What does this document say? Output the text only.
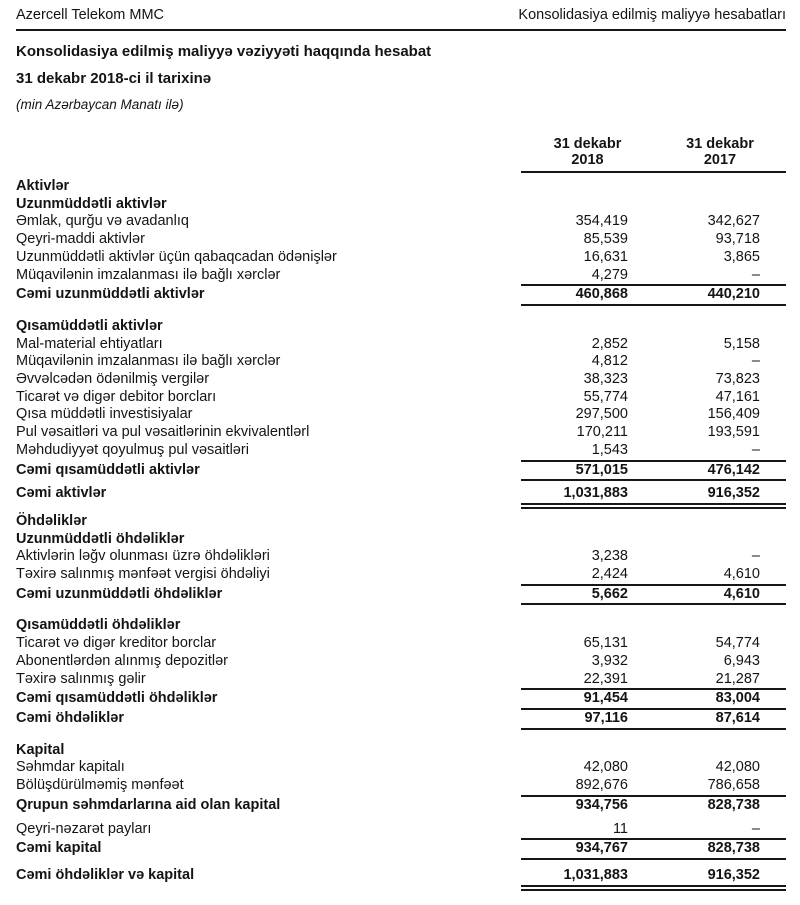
Azercell Telekom MMC	Konsolidasiya edilmiş maliyyə hesabatları
Konsolidasiya edilmiş maliyyə vəziyyəti haqqında hesabat
31 dekabr 2018-ci il tarixinə
(min Azərbaycan Manatı ilə)
31 dekabr
2018
31 dekabr
2017
Aktivlər
Uzunmüddətli aktivlər
Əmlak, qurğu və avadanlıq	354,419	342,627
Qeyri-maddi aktivlər	85,539	93,718
Uzunmüddətli aktivlər üçün qabaqcadan ödənişlər	16,631	3,865
Müqavilənin imzalanması ilə bağlı xərclər	4,279	–
Cəmi uzunmüddətli aktivlər	460,868	440,210
Qısamüddətli aktivlər
Mal-material ehtiyatları	2,852	5,158
Müqavilənin imzalanması ilə bağlı xərclər	4,812	–
Əvvəlcədən ödənilmiş vergilər	38,323	73,823
Ticarət və digər debitor borcları	55,774	47,161
Qısa müddətli investisiyalar	297,500	156,409
Pul vəsaitləri va pul vəsaitlərinin ekvivalentlərl	170,211	193,591
Məhdudiyyət qoyulmuş pul vəsaitləri	1,543	–
Cəmi qısamüddətli aktivlər	571,015	476,142
Cəmi aktivlər	1,031,883	916,352
Öhdəliklər
Uzunmüddətli öhdəliklər
Aktivlərin ləğv olunması üzrə öhdəlikləri	3,238	–
Təxirə salınmış mənfəət vergisi öhdəliyi	2,424	4,610
Cəmi uzunmüddətli öhdəliklər	5,662	4,610
Qısamüddətli öhdəliklər
Ticarət və digər kreditor borclar	65,131	54,774
Abonentlərdən alınmış depozitlər	3,932	6,943
Təxirə salınmış gəlir	22,391	21,287
Cəmi qısamüddətli öhdəliklər	91,454	83,004
Cəmi öhdəliklər	97,116	87,614
Kapital
Səhmdar kapitalı	42,080	42,080
Bölüşdürülməmiş mənfəət	892,676	786,658
Qrupun səhmdarlarına aid olan kapital	934,756	828,738
Qeyri-nəzarət payları	11	–
Cəmi kapital	934,767	828,738
Cəmi öhdəliklər və kapital	1,031,883	916,352
